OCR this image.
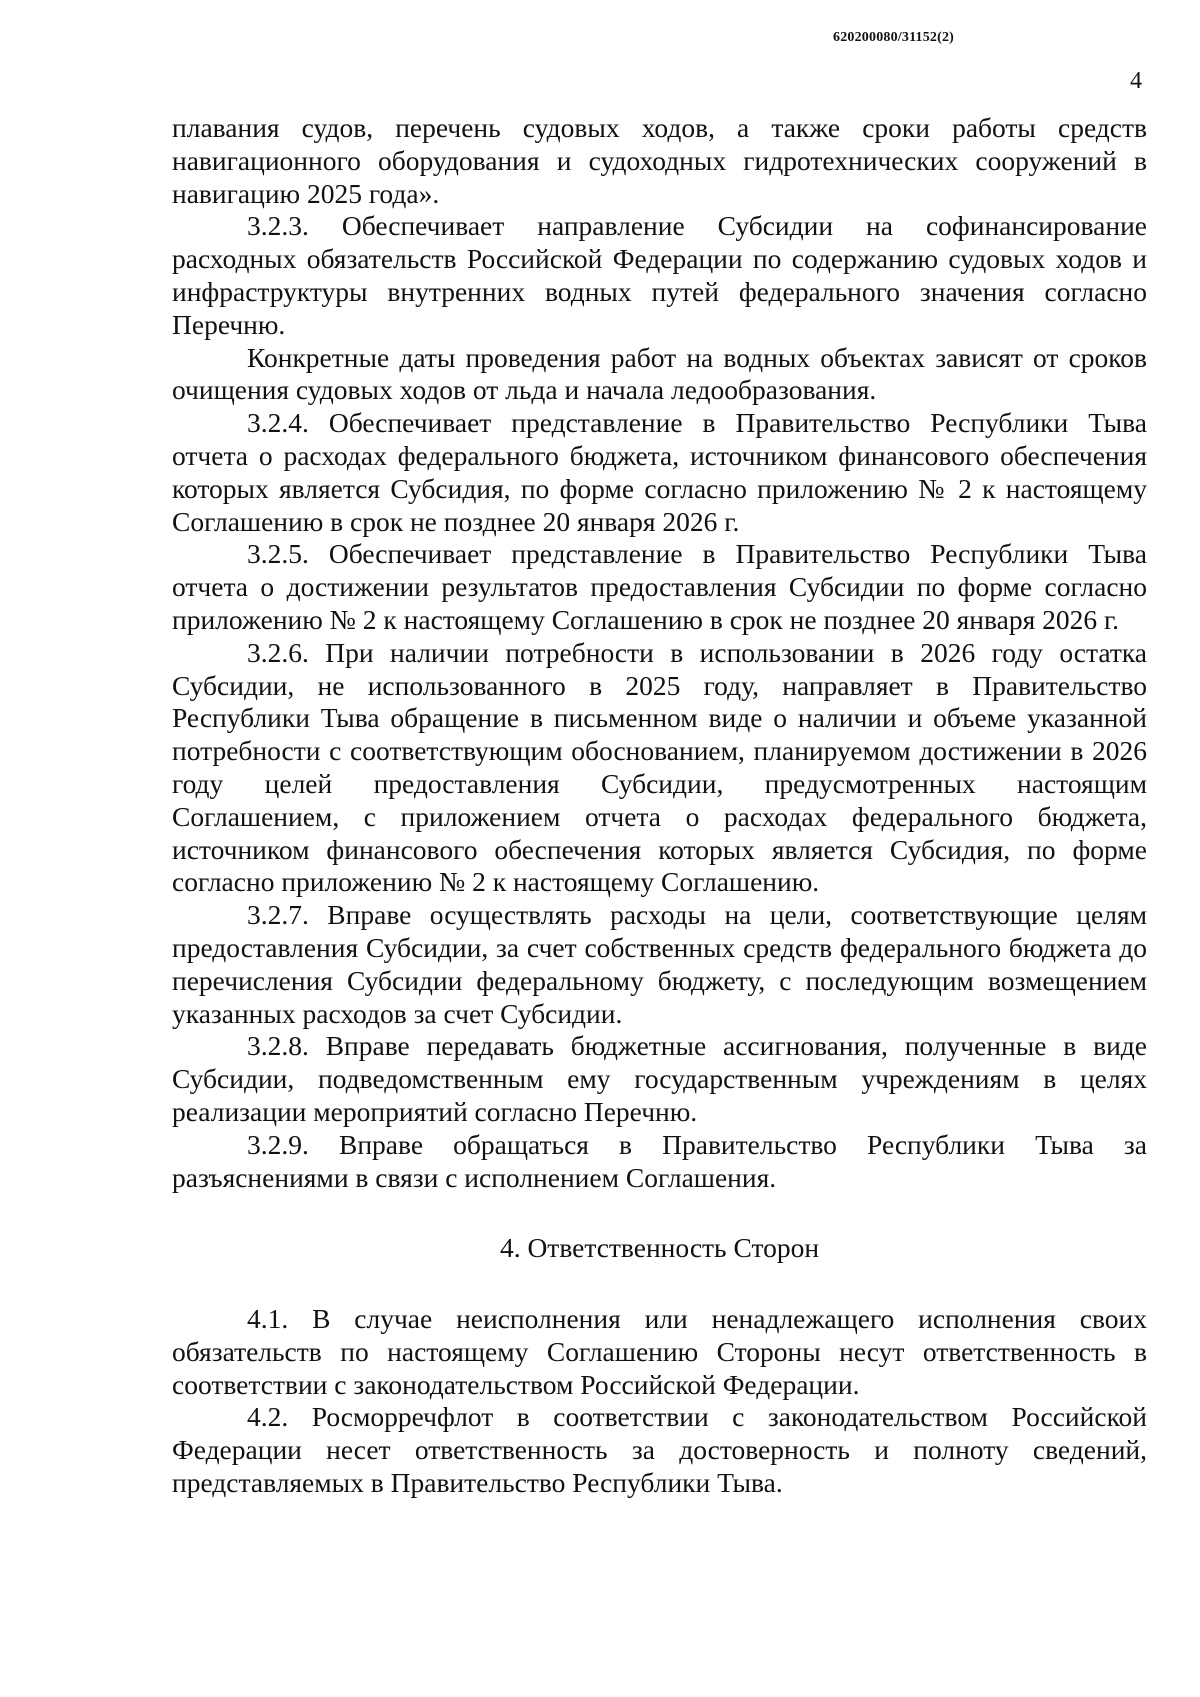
620200080/31152(2)
4

плавания судов, перечень судовых ходов, а также сроки работы средств навигационного оборудования и судоходных гидротехнических сооружений в навигацию 2025 года».

3.2.3. Обеспечивает направление Субсидии на софинансирование расходных обязательств Российской Федерации по содержанию судовых ходов и инфраструктуры внутренних водных путей федерального значения согласно Перечню.

Конкретные даты проведения работ на водных объектах зависят от сроков очищения судовых ходов от льда и начала ледообразования.

3.2.4. Обеспечивает представление в Правительство Республики Тыва отчета о расходах федерального бюджета, источником финансового обеспечения которых является Субсидия, по форме согласно приложению № 2 к настоящему Соглашению в срок не позднее 20 января 2026 г.

3.2.5. Обеспечивает представление в Правительство Республики Тыва отчета о достижении результатов предоставления Субсидии по форме согласно приложению № 2 к настоящему Соглашению в срок не позднее 20 января 2026 г.

3.2.6. При наличии потребности в использовании в 2026 году остатка Субсидии, не использованного в 2025 году, направляет в Правительство Республики Тыва обращение в письменном виде о наличии и объеме указанной потребности с соответствующим обоснованием, планируемом достижении в 2026 году целей предоставления Субсидии, предусмотренных настоящим Соглашением, с приложением отчета о расходах федерального бюджета, источником финансового обеспечения которых является Субсидия, по форме согласно приложению № 2 к настоящему Соглашению.

3.2.7. Вправе осуществлять расходы на цели, соответствующие целям предоставления Субсидии, за счет собственных средств федерального бюджета до перечисления Субсидии федеральному бюджету, с последующим возмещением указанных расходов за счет Субсидии.

3.2.8. Вправе передавать бюджетные ассигнования, полученные в виде Субсидии, подведомственным ему государственным учреждениям в целях реализации мероприятий согласно Перечню.

3.2.9. Вправе обращаться в Правительство Республики Тыва за разъяснениями в связи с исполнением Соглашения.

4. Ответственность Сторон

4.1. В случае неисполнения или ненадлежащего исполнения своих обязательств по настоящему Соглашению Стороны несут ответственность в соответствии с законодательством Российской Федерации.

4.2. Росморречфлот в соответствии с законодательством Российской Федерации несет ответственность за достоверность и полноту сведений, представляемых в Правительство Республики Тыва.
